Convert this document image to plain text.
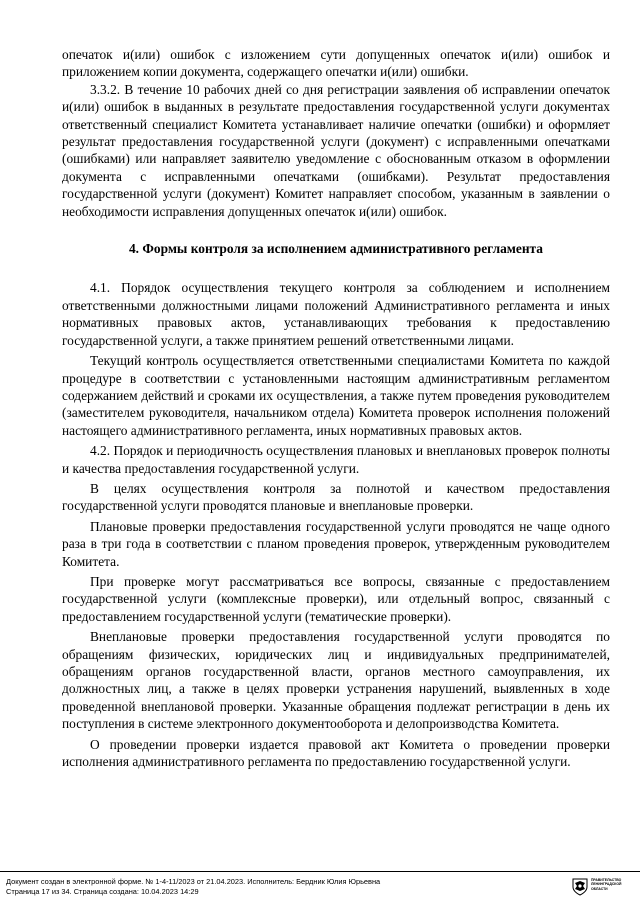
опечаток и(или) ошибок с изложением сути допущенных опечаток и(или) ошибок и приложением копии документа, содержащего опечатки и(или) ошибки.

3.3.2. В течение 10 рабочих дней со дня регистрации заявления об исправлении опечаток и(или) ошибок в выданных в результате предоставления государственной услуги документах ответственный специалист Комитета устанавливает наличие опечатки (ошибки) и оформляет результат предоставления государственной услуги (документ) с исправленными опечатками (ошибками) или направляет заявителю уведомление с обоснованным отказом в оформлении документа с исправленными опечатками (ошибками). Результат предоставления государственной услуги (документ) Комитет направляет способом, указанным в заявлении о необходимости исправления допущенных опечаток и(или) ошибок.

4. Формы контроля за исполнением административного регламента

4.1. Порядок осуществления текущего контроля за соблюдением и исполнением ответственными должностными лицами положений Административного регламента и иных нормативных правовых актов, устанавливающих требования к предоставлению государственной услуги, а также принятием решений ответственными лицами.

Текущий контроль осуществляется ответственными специалистами Комитета по каждой процедуре в соответствии с установленными настоящим административным регламентом содержанием действий и сроками их осуществления, а также путем проведения руководителем (заместителем руководителя, начальником отдела) Комитета проверок исполнения положений настоящего административного регламента, иных нормативных правовых актов.

4.2. Порядок и периодичность осуществления плановых и внеплановых проверок полноты и качества предоставления государственной услуги.

В целях осуществления контроля за полнотой и качеством предоставления государственной услуги проводятся плановые и внеплановые проверки.

Плановые проверки предоставления государственной услуги проводятся не чаще одного раза в три года в соответствии с планом проведения проверок, утвержденным руководителем Комитета.

При проверке могут рассматриваться все вопросы, связанные с предоставлением государственной услуги (комплексные проверки), или отдельный вопрос, связанный с предоставлением государственной услуги (тематические проверки).

Внеплановые проверки предоставления государственной услуги проводятся по обращениям физических, юридических лиц и индивидуальных предпринимателей, обращениям органов государственной власти, органов местного самоуправления, их должностных лиц, а также в целях проверки устранения нарушений, выявленных в ходе проведенной внеплановой проверки. Указанные обращения подлежат регистрации в день их поступления в системе электронного документооборота и делопроизводства Комитета.

О проведении проверки издается правовой акт Комитета о проведении проверки исполнения административного регламента по предоставлению государственной услуги.

Документ создан в электронной форме. № 1-4-11/2023 от 21.04.2023. Исполнитель: Бердник Юлия Юрьевна
Страница 17 из 34. Страница создана: 10.04.2023 14:29
ПРАВИТЕЛЬСТВО
ЛЕНИНГРАДСКОЙ
ОБЛАСТИ
